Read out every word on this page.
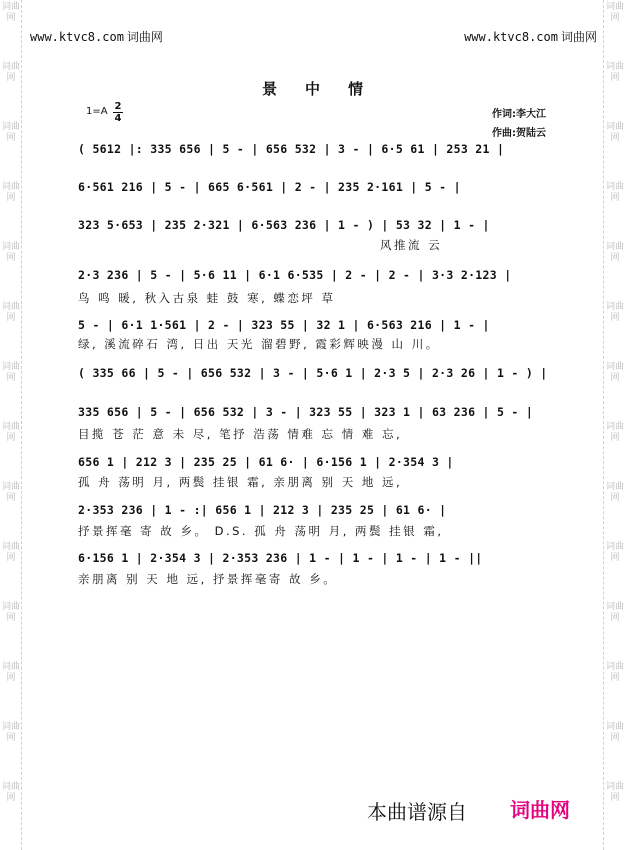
词曲网
词曲网
词曲网
词曲网
词曲网
词曲网
词曲网
词曲网
词曲网
词曲网
词曲网
词曲网
词曲网
词曲网
词曲网
词曲网
词曲网
词曲网
词曲网
词曲网
词曲网
词曲网
词曲网
词曲网
词曲网
词曲网
词曲网
词曲网
www.ktvc8.com 词曲网	www.ktvc8.com 词曲网
景中情
$1=A \frac{2}{4}$	作词:李大江
作曲:贺陆云
( 5612 |: 335 656 | 5 - | 656 532 | 3 - | 6·5 61 | 253 21 |
6·561 216 | 5 - | 665 6·561 | 2 - | 235 2·161 | 5 - |
323 5·653 | 235 2·321 | 6·563 236 | 1 - ) | 53 32 | 1 - |
风推流 云
2·3 236 | 5 - | 5·6 11 | 6·1 6·535 | 2 - | 2 - | 3·3 2·123 |
鸟 鸣 暖, 秋入古泉 蛙 鼓 寒, 蝶恋坪 草
5 - | 6·1 1·561 | 2 - | 323 55 | 32 1 | 6·563 216 | 1 - |
绿, 溪流碎石 湾, 日出 天光 溜碧野, 霞彩辉映漫 山 川。
( 335 66 | 5 - | 656 532 | 3 - | 5·6 1 | 2·3 5 | 2·3 26 | 1 - ) |
335 656 | 5 - | 656 532 | 3 - | 323 55 | 323 1 | 63 236 | 5 - |
目揽 苍 茫 意 未 尽, 笔抒 浩荡 情难 忘 情 难 忘,
656 1 | 212 3 | 235 25 | 61 6· | 6·156 1 | 2·354 3 |
孤 舟 荡明 月, 两鬓 挂银 霜, 亲朋离 别 天 地 远,
2·353 236 | 1 - :| 656 1 | 212 3 | 235 25 | 61 6· |
抒景挥毫 寄 故 乡。 D.S. 孤 舟 荡明 月, 两鬓 挂银 霜,
6·156 1 | 2·354 3 | 2·353 236 | 1 - | 1 - | 1 - | 1 - ||
亲朋离 别 天 地 远, 抒景挥毫寄 故 乡。
本曲谱源自 词曲网
